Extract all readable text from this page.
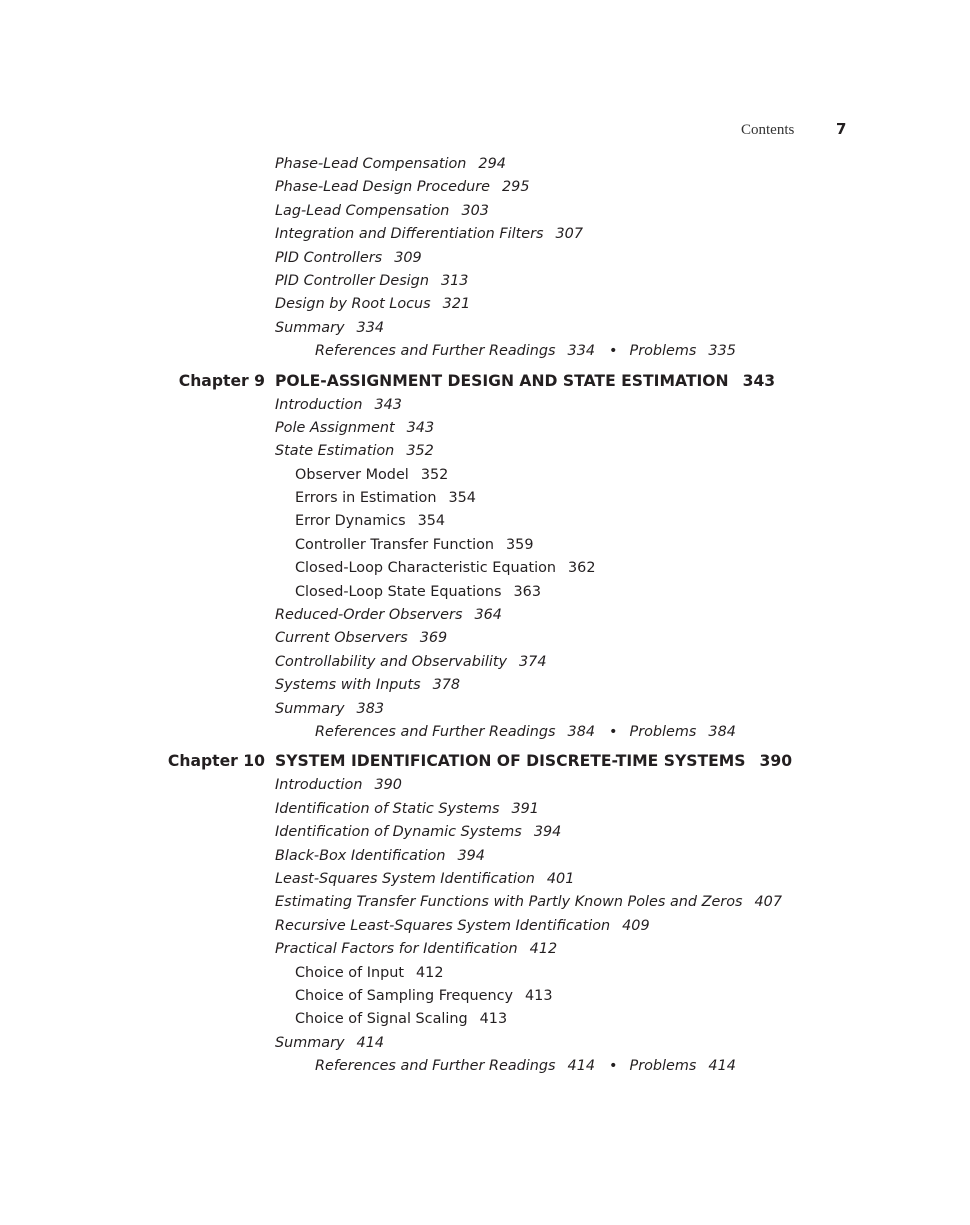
Contents	7
Phase-Lead Compensation 294
Phase-Lead Design Procedure 295
Lag-Lead Compensation 303
Integration and Differentiation Filters 307
PID Controllers 309
PID Controller Design 313
Design by Root Locus 321
Summary 334
References and Further Readings 334 • Problems 335
Chapter 9 POLE-ASSIGNMENT DESIGN AND STATE ESTIMATION 343
Introduction 343
Pole Assignment 343
State Estimation 352
Observer Model 352
Errors in Estimation 354
Error Dynamics 354
Controller Transfer Function 359
Closed-Loop Characteristic Equation 362
Closed-Loop State Equations 363
Reduced-Order Observers 364
Current Observers 369
Controllability and Observability 374
Systems with Inputs 378
Summary 383
References and Further Readings 384 • Problems 384
Chapter 10 SYSTEM IDENTIFICATION OF DISCRETE-TIME SYSTEMS 390
Introduction 390
Identification of Static Systems 391
Identification of Dynamic Systems 394
Black-Box Identification 394
Least-Squares System Identification 401
Estimating Transfer Functions with Partly Known Poles and Zeros 407
Recursive Least-Squares System Identification 409
Practical Factors for Identification 412
Choice of Input 412
Choice of Sampling Frequency 413
Choice of Signal Scaling 413
Summary 414
References and Further Readings 414 • Problems 414
